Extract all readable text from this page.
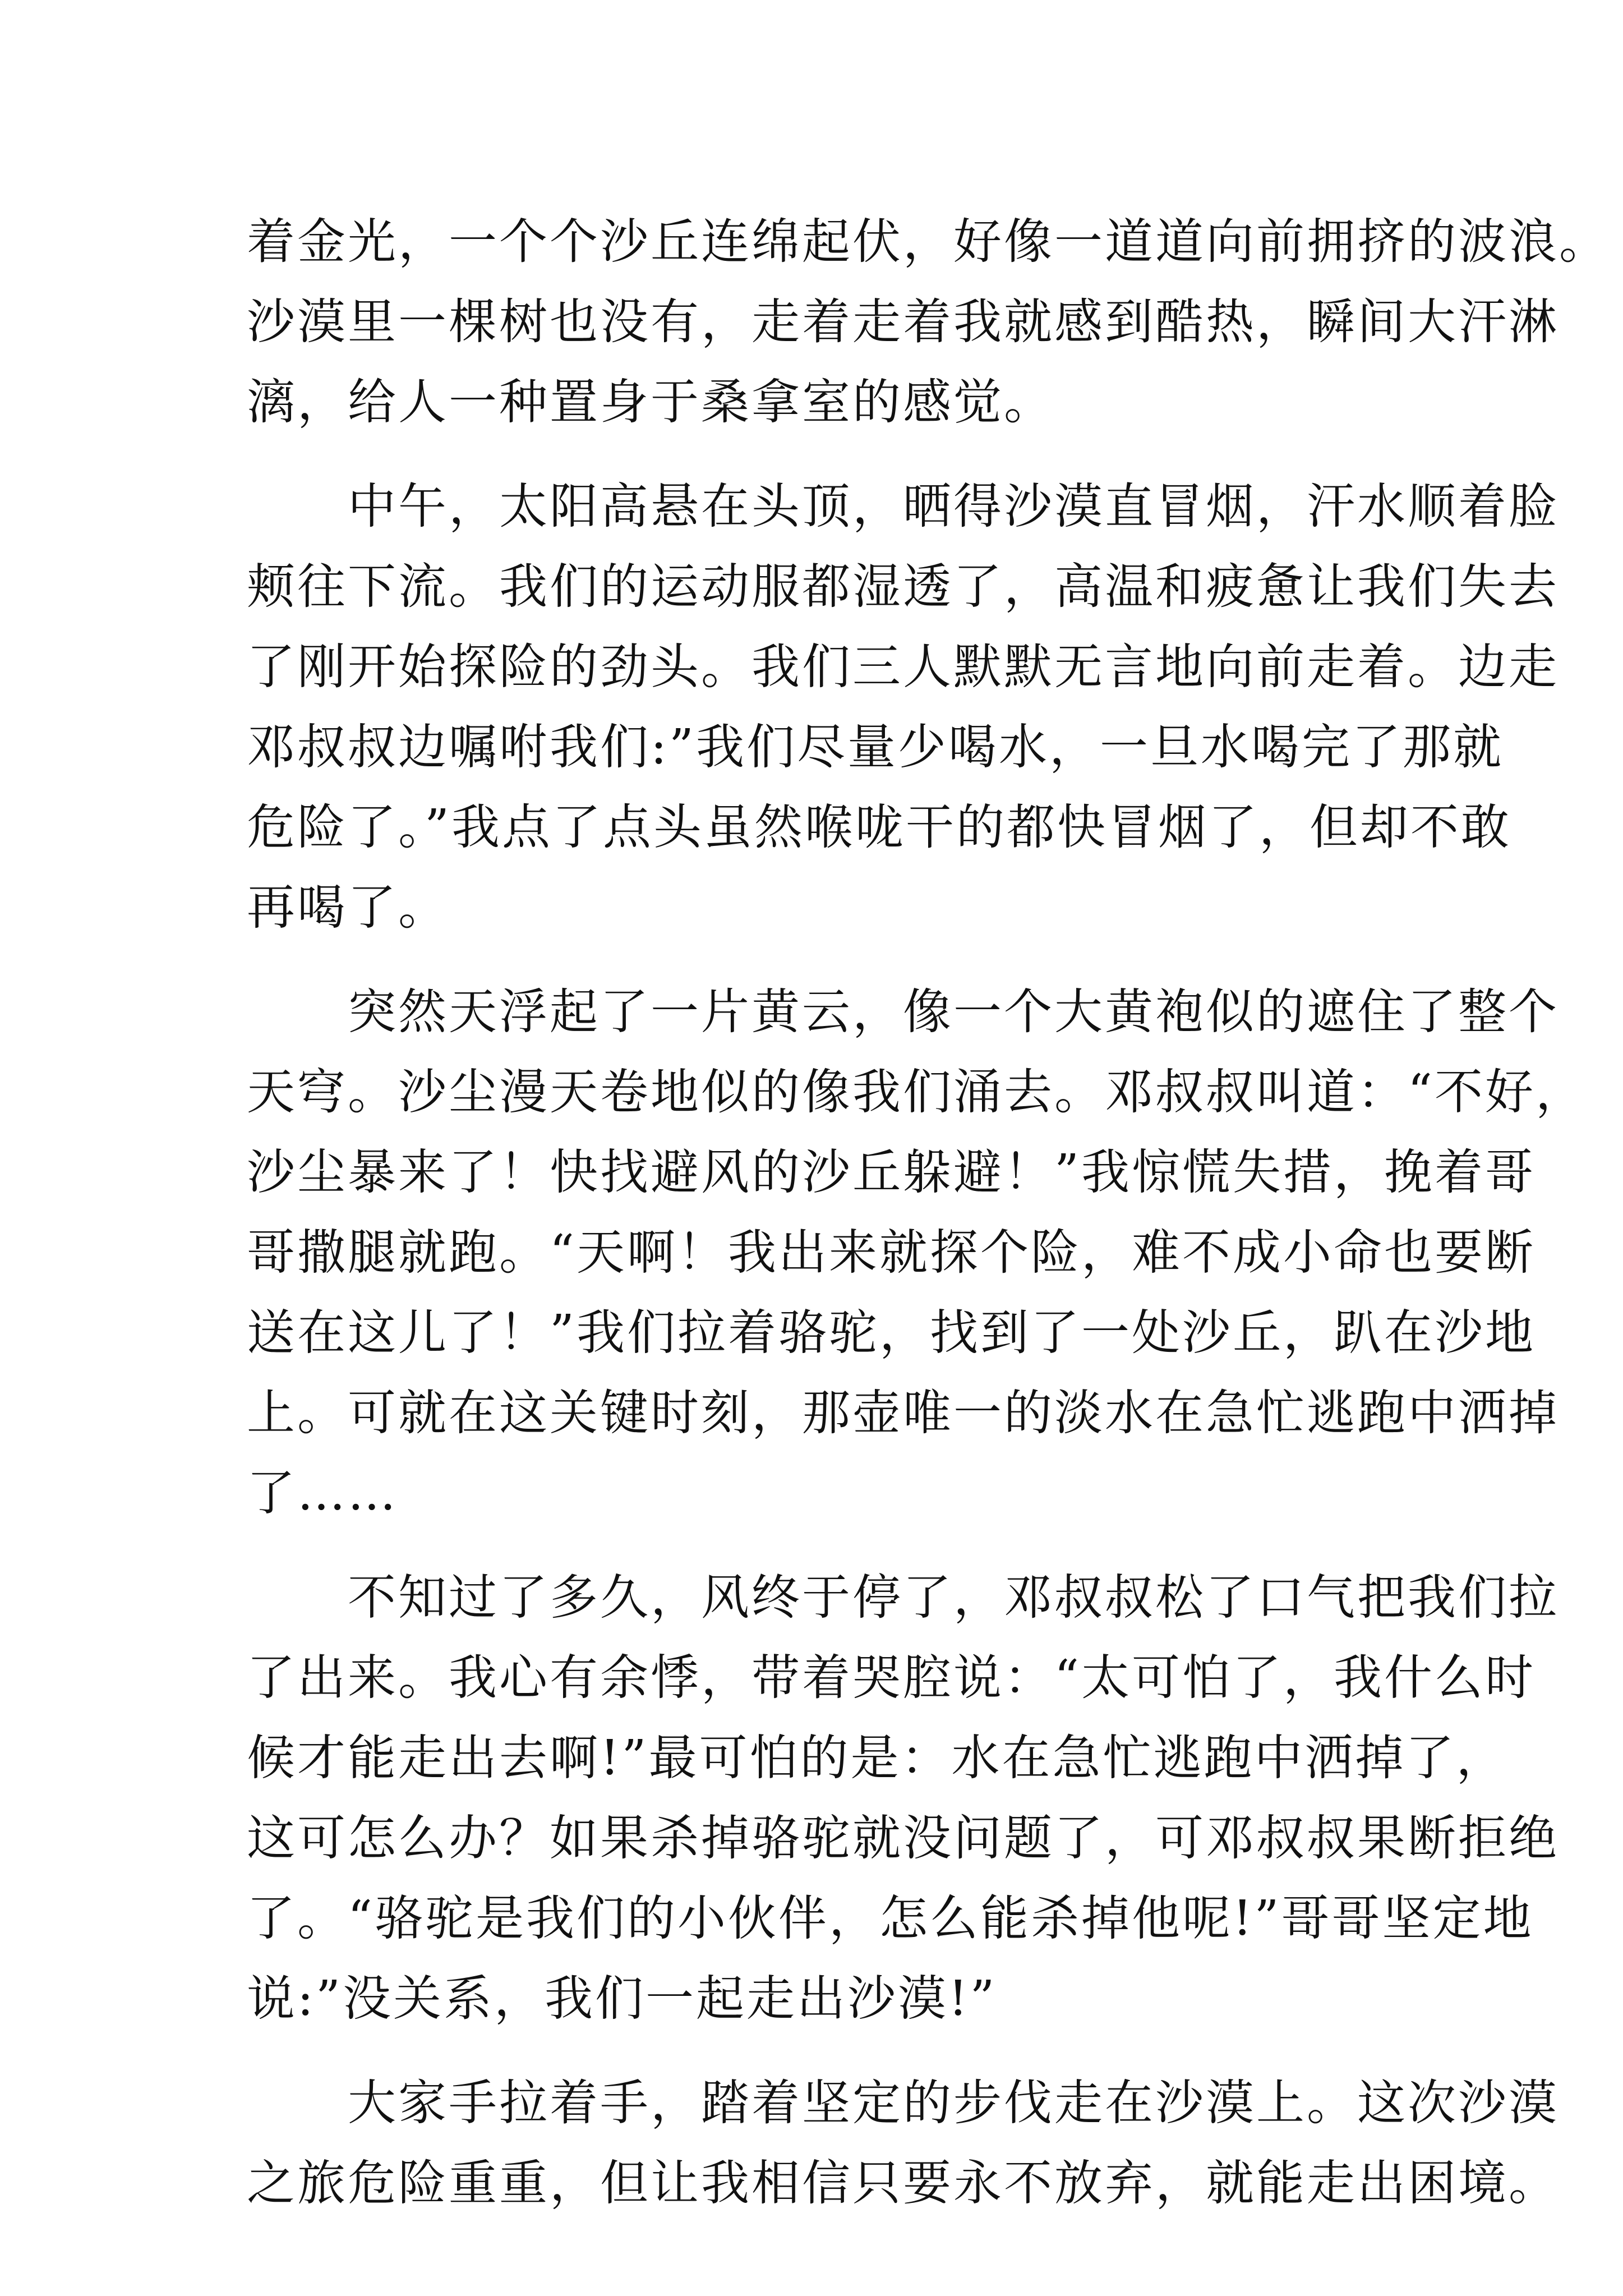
着金光，一个个沙丘连绵起伏，好像一道道向前拥挤的波浪。
沙漠里一棵树也没有，走着走着我就感到酷热，瞬间大汗淋
漓，给人一种置身于桑拿室的感觉。
　　中午，太阳高悬在头顶，晒得沙漠直冒烟，汗水顺着脸
颊往下流。我们的运动服都湿透了，高温和疲惫让我们失去
了刚开始探险的劲头。我们三人默默无言地向前走着。边走
邓叔叔边嘱咐我们:”我们尽量少喝水，一旦水喝完了那就
危险了。”我点了点头虽然喉咙干的都快冒烟了，但却不敢
再喝了。
　　突然天浮起了一片黄云，像一个大黄袍似的遮住了整个
天穹。沙尘漫天卷地似的像我们涌去。邓叔叔叫道：“不好，
沙尘暴来了！快找避风的沙丘躲避！”我惊慌失措，挽着哥
哥撒腿就跑。“天啊！我出来就探个险，难不成小命也要断
送在这儿了！”我们拉着骆驼，找到了一处沙丘，趴在沙地
上。可就在这关键时刻，那壶唯一的淡水在急忙逃跑中洒掉
了……
　　不知过了多久，风终于停了，邓叔叔松了口气把我们拉
了出来。我心有余悸，带着哭腔说：“太可怕了，我什么时
候才能走出去啊!”最可怕的是：水在急忙逃跑中洒掉了，
这可怎么办？如果杀掉骆驼就没问题了，可邓叔叔果断拒绝
了。“骆驼是我们的小伙伴，怎么能杀掉他呢!”哥哥坚定地
说:”没关系，我们一起走出沙漠!”
　　大家手拉着手，踏着坚定的步伐走在沙漠上。这次沙漠
之旅危险重重，但让我相信只要永不放弃，就能走出困境。
